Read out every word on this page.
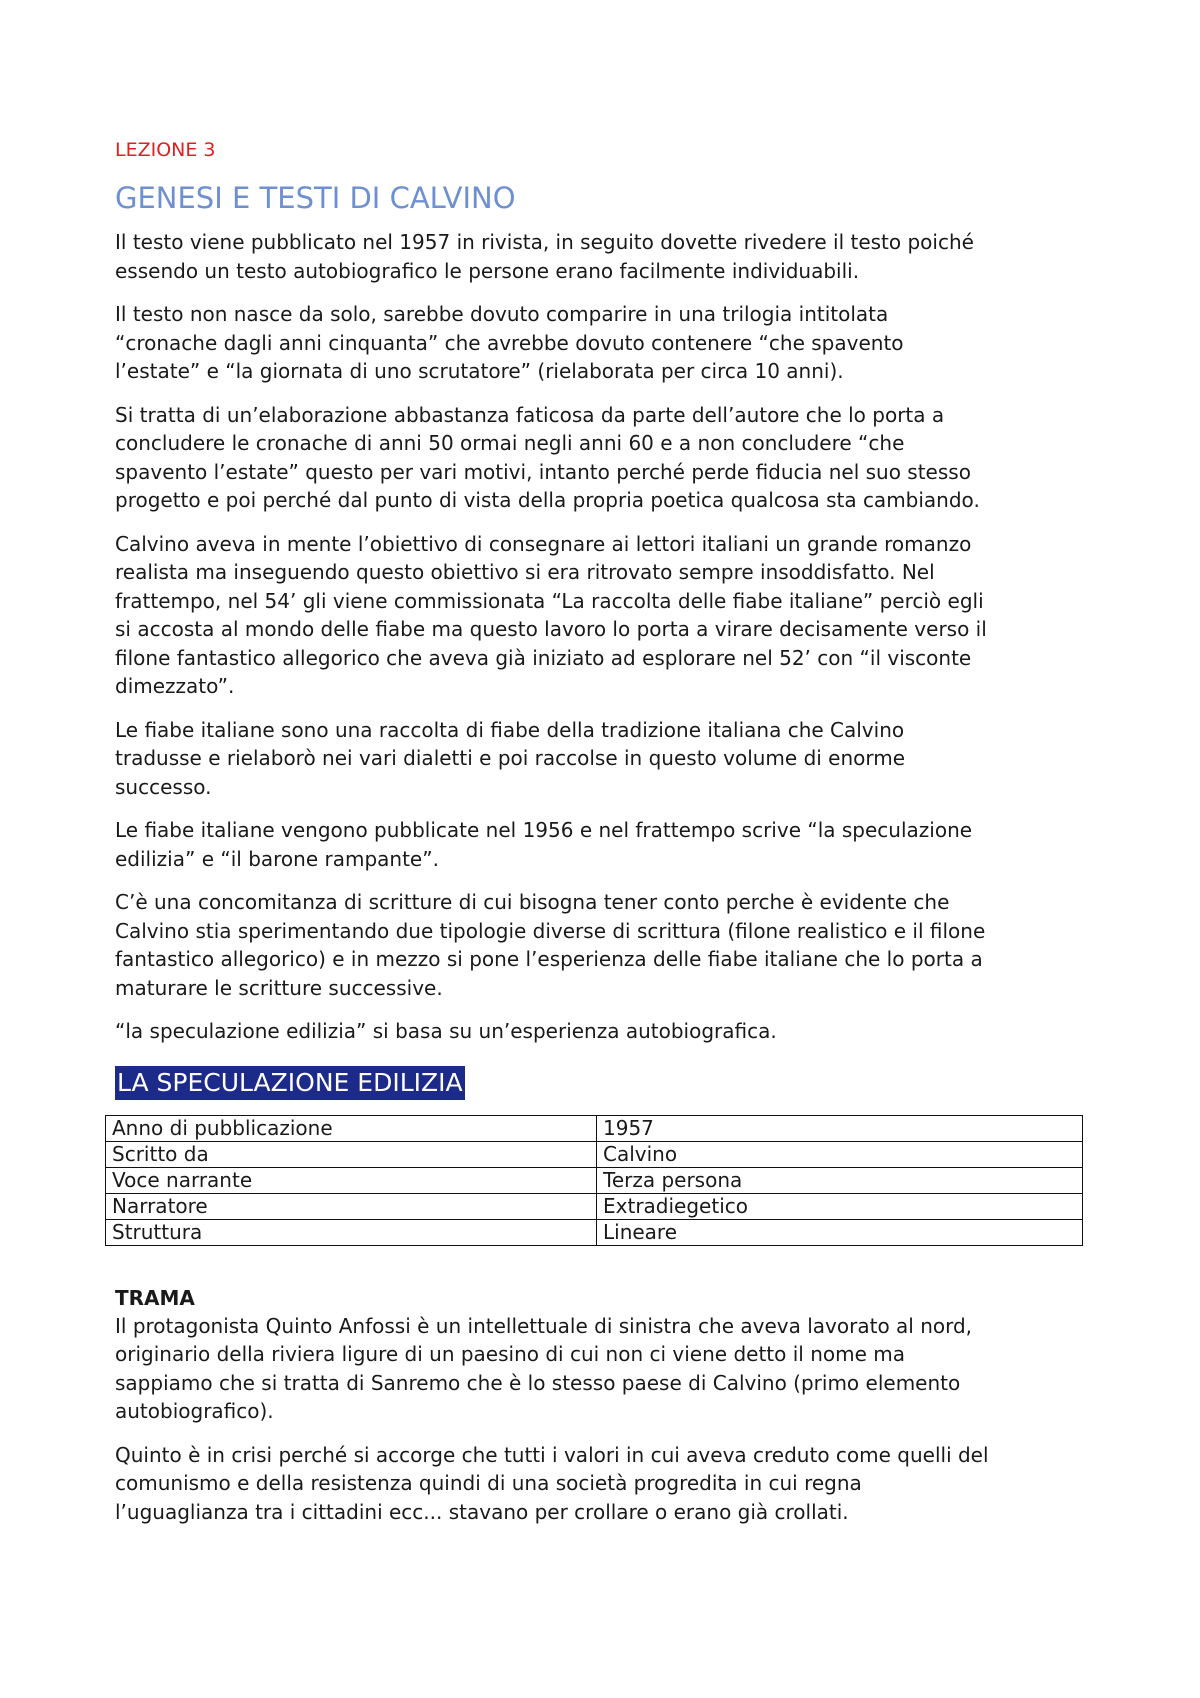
LEZIONE 3
GENESI E TESTI DI CALVINO

Il testo viene pubblicato nel 1957 in rivista, in seguito dovette rivedere il testo poiché
essendo un testo autobiografico le persone erano facilmente individuabili.

Il testo non nasce da solo, sarebbe dovuto comparire in una trilogia intitolata
“cronache dagli anni cinquanta” che avrebbe dovuto contenere “che spavento
l’estate” e “la giornata di uno scrutatore” (rielaborata per circa 10 anni).

Si tratta di un’elaborazione abbastanza faticosa da parte dell’autore che lo porta a
concludere le cronache di anni 50 ormai negli anni 60 e a non concludere “che
spavento l’estate” questo per vari motivi, intanto perché perde fiducia nel suo stesso
progetto e poi perché dal punto di vista della propria poetica qualcosa sta cambiando.

Calvino aveva in mente l’obiettivo di consegnare ai lettori italiani un grande romanzo
realista ma inseguendo questo obiettivo si era ritrovato sempre insoddisfatto. Nel
frattempo, nel 54’ gli viene commissionata “La raccolta delle fiabe italiane” perciò egli
si accosta al mondo delle fiabe ma questo lavoro lo porta a virare decisamente verso il
filone fantastico allegorico che aveva già iniziato ad esplorare nel 52’ con “il visconte
dimezzato”.

Le fiabe italiane sono una raccolta di fiabe della tradizione italiana che Calvino
tradusse e rielaborò nei vari dialetti e poi raccolse in questo volume di enorme
successo.

Le fiabe italiane vengono pubblicate nel 1956 e nel frattempo scrive “la speculazione
edilizia” e “il barone rampante”.

C’è una concomitanza di scritture di cui bisogna tener conto perche è evidente che
Calvino stia sperimentando due tipologie diverse di scrittura (filone realistico e il filone
fantastico allegorico) e in mezzo si pone l’esperienza delle fiabe italiane che lo porta a
maturare le scritture successive.

“la speculazione edilizia” si basa su un’esperienza autobiografica.

LA SPECULAZIONE EDILIZIA
Anno di pubblicazione	1957
Scritto da	Calvino
Voce narrante	Terza persona
Narratore	Extradiegetico
Struttura	Lineare
TRAMA

Il protagonista Quinto Anfossi è un intellettuale di sinistra che aveva lavorato al nord,
originario della riviera ligure di un paesino di cui non ci viene detto il nome ma
sappiamo che si tratta di Sanremo che è lo stesso paese di Calvino (primo elemento
autobiografico).

Quinto è in crisi perché si accorge che tutti i valori in cui aveva creduto come quelli del
comunismo e della resistenza quindi di una società progredita in cui regna
l’uguaglianza tra i cittadini ecc... stavano per crollare o erano già crollati.
